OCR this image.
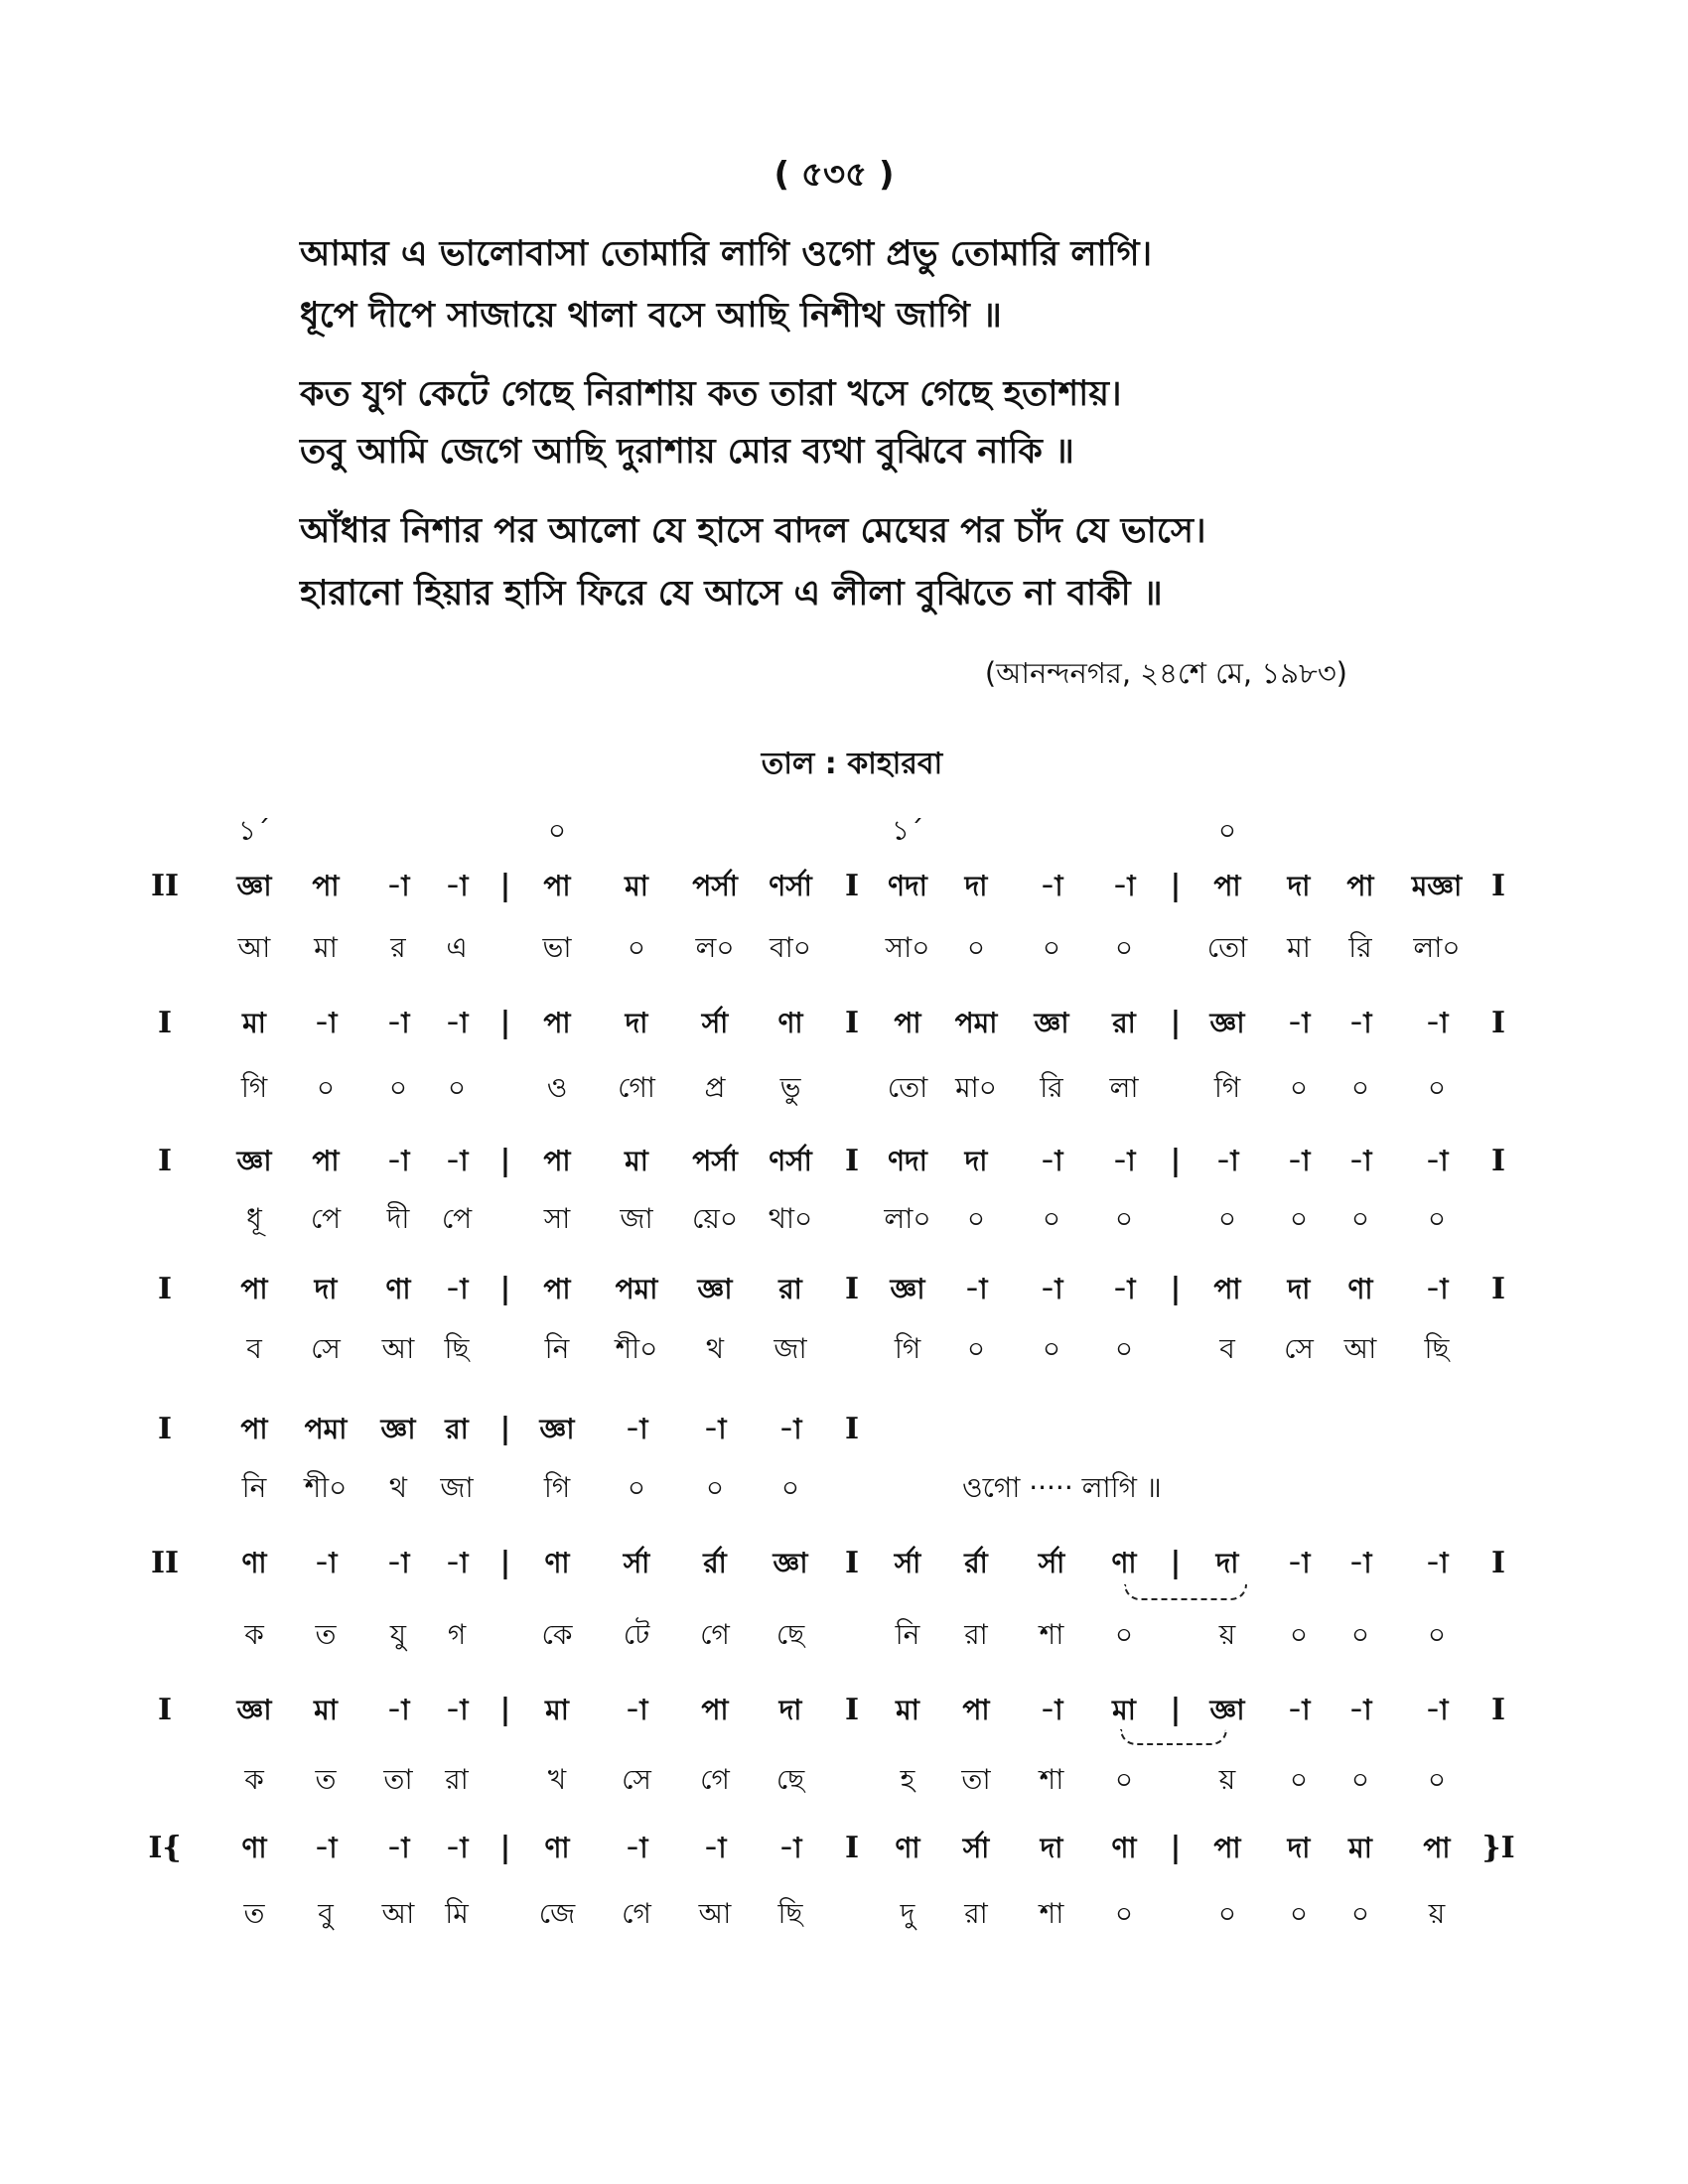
( ৫৩৫ )
আমার এ ভালোবাসা তোমারি লাগি ওগো প্রভু তোমারি লাগি।
ধূপে দীপে সাজায়ে থালা বসে আছি নিশীথ জাগি ॥
কত যুগ কেটে গেছে নিরাশায় কত তারা খসে গেছে হতাশায়।
তবু আমি জেগে আছি দুরাশায় মোর ব্যথা বুঝিবে নাকি ॥
আঁধার নিশার পর আলো যে হাসে বাদল মেঘের পর চাঁদ যে ভাসে।
হারানো হিয়ার হাসি ফিরে যে আসে এ লীলা বুঝিতে না বাকী ॥
(আনন্দনগর, ২৪শে মে, ১৯৮৩)
তাল : কাহারবা
১´	০	১´	০
II জ্ঞা পা -া -া | পা মা পর্সা ণর্সা I ণদা দা -া -া | পা দা পা মজ্ঞা I
আ মা র এ	ভা ০ ল০ বা০	সা০ ০ ০ ০	তো মা রি লা০
I	মা -া -া -া | পা দা র্সা ণা I পা পমা জ্ঞা রা | জ্ঞা -া -া -া I
গি ০ ০ ০	ও গো প্র ভু	তো মা০ রি লা	গি ০ ০ ০
I জ্ঞা পা -া -া | পা মা পর্সা ণর্সা I ণদা দা -া -া | -া -া -া -া I
ধূ পে দী পে	সা জা য়ে০ থা০	লা০ ০ ০ ০	০ ০ ০ ০
I পা দা ণা -া | পা পমা জ্ঞা রা I জ্ঞা -া -া -া | পা দা ণা -া I
ব সে আ ছি	নি শী০ থ জা	গি ০ ০ ০	ব সে আ ছি
I পা পমা জ্ঞা রা | জ্ঞা -া -া -া I
নি শী০ থ জা	গি ০ ০ ০	ওগো ····· লাগি ॥
II ণা -া -া -া | ণা র্সা র্রা জ্ঞা I র্সা র্রা র্সা ণা | দা -া -া -া I
ক ত যু গ	কে টে গে ছে	নি রা শা ০	য় ০ ০ ০
I জ্ঞা মা -া -া | মা -া পা দা I মা পা -া মা | জ্ঞা -া -া -া I
ক ত তা রা	খ সে গে ছে	হ তা শা ০	য় ০ ০ ০
I{ ণা -া -া -া | ণা -া -া -া I ণা র্সা দা ণা | পা দা মা পা }I
ত বু আ মি	জে গে আ ছি	দু রা শা ০	০ ০ ০ য়
